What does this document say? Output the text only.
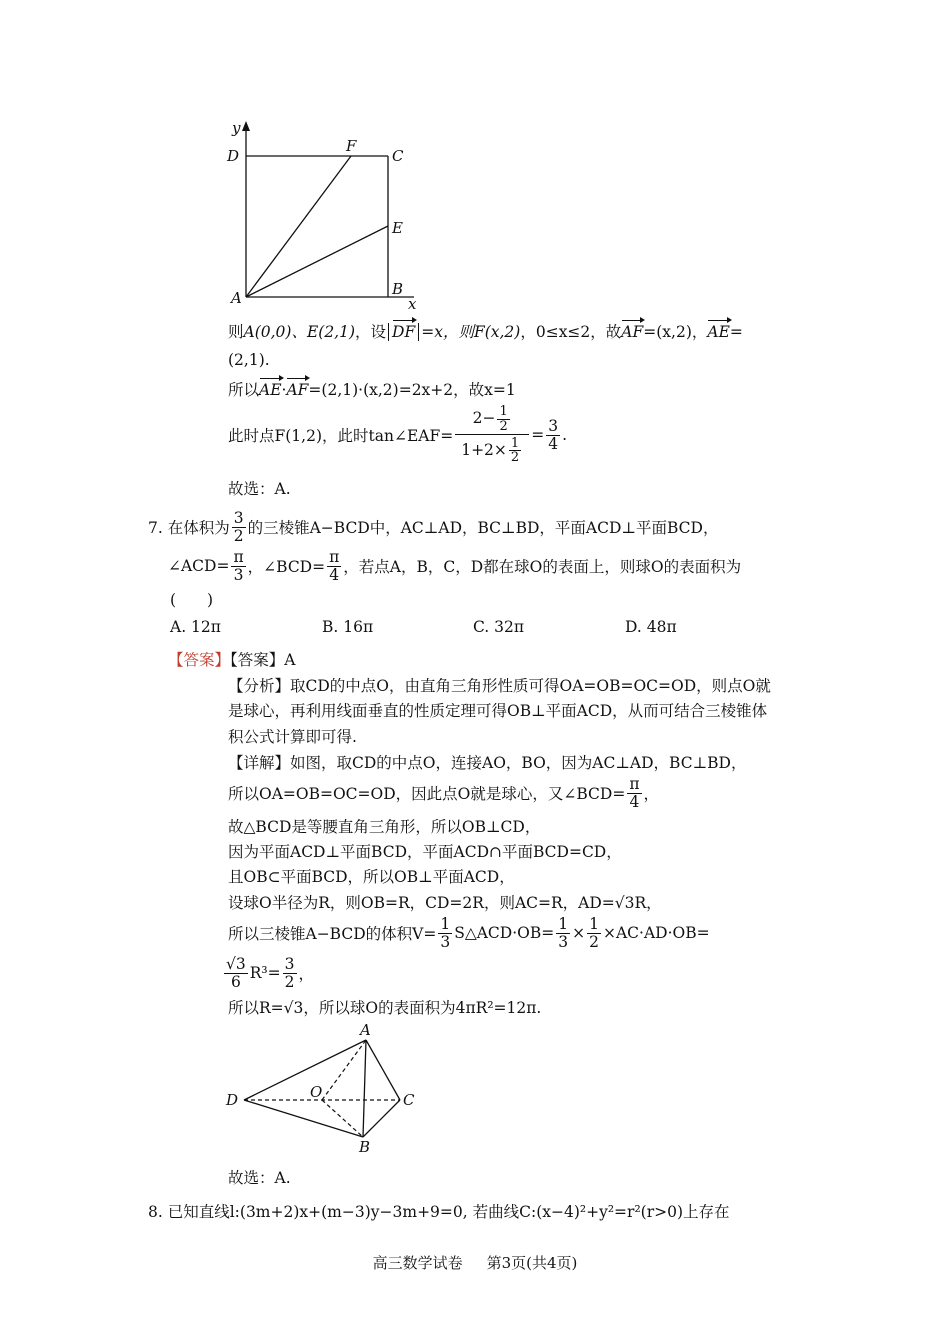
y
D
F
C
E
A	B
x
则A(0,0)、E(2,1)，设 DF =x，则F(x,2)，0≤x≤2，故AF=(x,2)，AE=
(2,1).
所以AE·AF=(2,1)·(x,2)=2x+2，故x=1
此时点F(1,2)，此时tan∠EAF= $\frac{2- \frac{1}{2}}{1+2\times \frac{1}{2}} = \frac{3}{4}$ .
故选：A.
7. 在体积为 $\frac{3}{2}$ 的三棱锥A−BCD中，AC⊥AD，BC⊥BD，平面ACD⊥平面BCD，
∠ACD= $\frac{\pi}{3}$ ，∠BCD= $\frac{\pi}{4}$ ，若点A，B，C，D都在球O的表面上，则球O的表面积为
(　　)
A. 12π	B. 16π	C. 32π	D. 48π
【答案】【答案】A
【分析】取CD的中点O，由直角三角形性质可得OA=OB=OC=OD，则点O就
是球心，再利用线面垂直的性质定理可得OB⊥平面ACD，从而可结合三棱锥体
积公式计算即可得.
【详解】如图，取CD的中点O，连接AO，BO，因为AC⊥AD，BC⊥BD，
所以OA=OB=OC=OD，因此点O就是球心，又∠BCD= $\frac{\pi}{4}$ ，
故△BCD是等腰直角三角形，所以OB⊥CD，
因为平面ACD⊥平面BCD，平面ACD∩平面BCD=CD，
且OB⊂平面BCD，所以OB⊥平面ACD，
设球O半径为R，则OB=R，CD=2R，则AC=R，AD=√3R，
所以三棱锥A−BCD的体积$V= \frac{1}{3}$ S△ACD·OB= $\frac{1}{3} \times \frac{1}{2} \times AC\cdot AD\cdot OB=$
$\frac{√3}{6} R^3= \frac{3}{2}$ ，
所以R=√3，所以球O的表面积为4πR²=12π.
A
D	O	C
B
故选：A.
8. 已知直线l:(3m+2)x+(m−3)y−3m+9=0, 若曲线C:(x−4)²+y²=r²(r>0)上存在
高三数学试卷 第3页(共4页)
